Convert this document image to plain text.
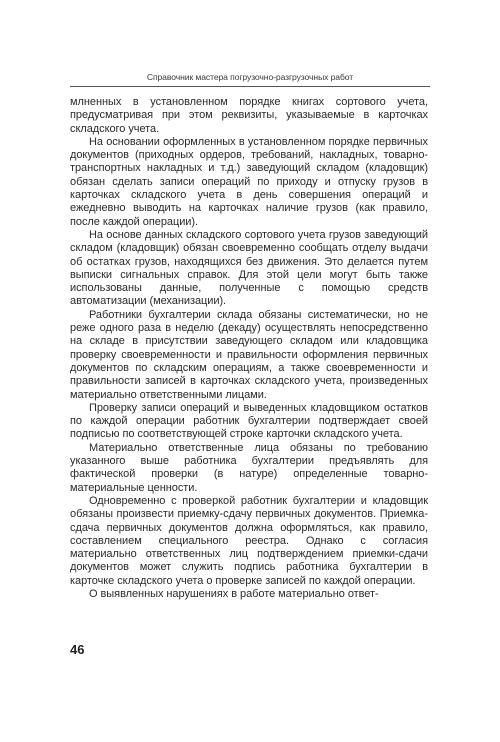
Справочник мастера погрузочно-разгрузочных работ

млненных в установленном порядке книгах сортового учета, предусматривая при этом реквизиты, указываемые в карточках складского учета.

На основании оформленных в установленном порядке первичных документов (приходных ордеров, требований, накладных, товарно-транспортных накладных и т.д.) заведующий складом (кладовщик) обязан сделать записи операций по приходу и отпуску грузов в карточках складского учета в день совершения операций и ежедневно выводить на карточках наличие грузов (как правило, после каждой операции).

На основе данных складского сортового учета грузов заведующий складом (кладовщик) обязан своевременно сообщать отделу выдачи об остатках грузов, находящихся без движения. Это делается путем выписки сигнальных справок. Для этой цели могут быть также использованы данные, полученные с помощью средств автоматизации (механизации).

Работники бухгалтерии склада обязаны систематически, но не реже одного раза в неделю (декаду) осуществлять непосредственно на складе в присутствии заведующего складом или кладовщика проверку своевременности и правильности оформления первичных документов по складским операциям, а также своевременности и правильности записей в карточках складского учета, произведенных материально ответственными лицами.

Проверку записи операций и выведенных кладовщиком остатков по каждой операции работник бухгалтерии подтверждает своей подписью по соответствующей строке карточки складского учета.

Материально ответственные лица обязаны по требованию указанного выше работника бухгалтерии предъявлять для фактической проверки (в натуре) определенные товарно-материальные ценности.

Одновременно с проверкой работник бухгалтерии и кладовщик обязаны произвести приемку-сдачу первичных документов. Приемка-сдача первичных документов должна оформляться, как правило, составлением специального реестра. Однако с согласия материально ответственных лиц подтверждением приемки-сдачи документов может служить подпись работника бухгалтерии в карточке складского учета о проверке записей по каждой операции.

О выявленных нарушениях в работе материально ответ-

46
